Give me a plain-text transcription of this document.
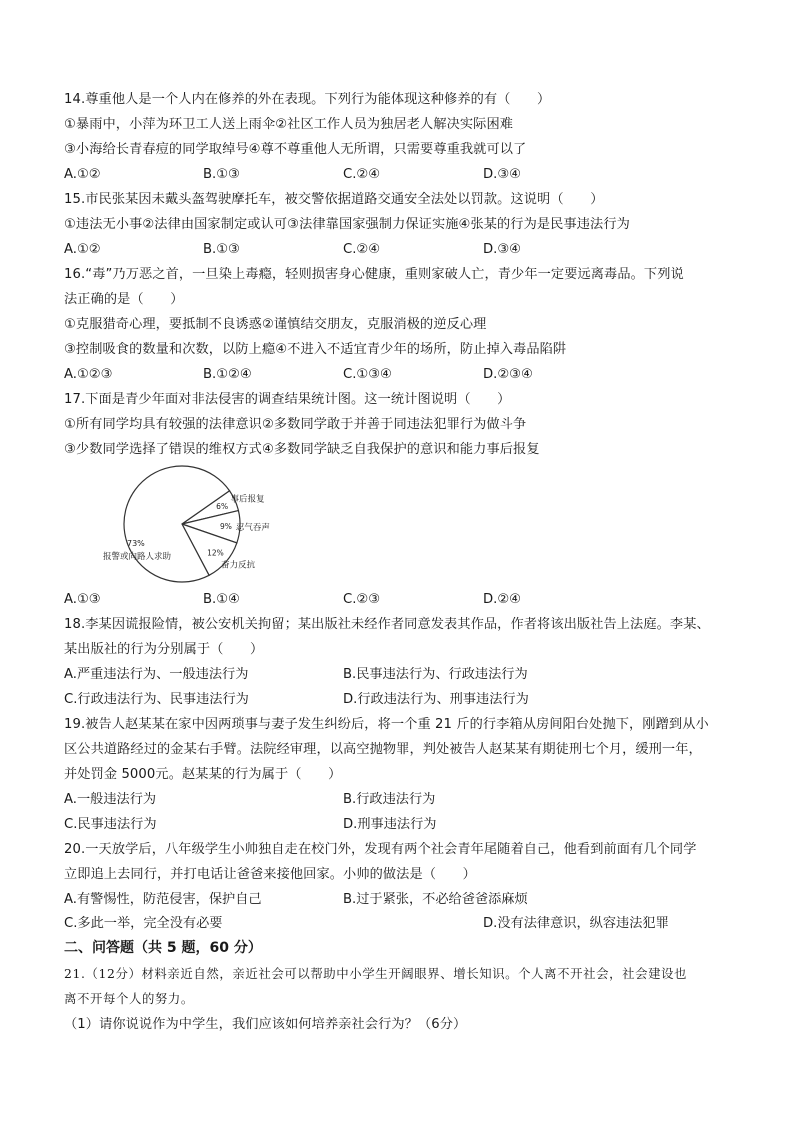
14.尊重他人是一个人内在修养的外在表现。下列行为能体现这种修养的有（　　）
①暴雨中，小萍为环卫工人送上雨伞②社区工作人员为独居老人解决实际困难
③小海给长青春痘的同学取绰号④尊不尊重他人无所谓，只需要尊重我就可以了
A.①②	B.①③	C.②④	D.③④
15.市民张某因未戴头盔驾驶摩托车，被交警依据道路交通安全法处以罚款。这说明（　　）
①违法无小事②法律由国家制定或认可③法律靠国家强制力保证实施④张某的行为是民事违法行为
A.①②	B.①③	C.②④	D.③④
16.“毒”乃万恶之首，一旦染上毒瘾，轻则损害身心健康，重则家破人亡，青少年一定要远离毒品。下列说
法正确的是（　　）
①克服猎奇心理，要抵制不良诱惑②谨慎结交朋友，克服消极的逆反心理
③控制吸食的数量和次数，以防上瘾④不进入不适宜青少年的场所，防止掉入毒品陷阱
A.①②③	B.①②④	C.①③④	D.②③④
17.下面是青少年面对非法侵害的调查结果统计图。这一统计图说明（　　）
①所有同学均具有较强的法律意识②多数同学敢于并善于同违法犯罪行为做斗争
③少数同学选择了错误的维权方式④多数同学缺乏自我保护的意识和能力事后报复
6%
事后报复
9% 忍气吞声
12%
奋力反抗
73%
报警或向路人求助
A.①③	B.①④	C.②③	D.②④
18.李某因谎报险情，被公安机关拘留；某出版社未经作者同意发表其作品，作者将该出版社告上法庭。李某、
某出版社的行为分别属于（　　）
A.严重违法行为、一般违法行为	B.民事违法行为、行政违法行为
C.行政违法行为、民事违法行为	D.行政违法行为、刑事违法行为
19.被告人赵某某在家中因两琐事与妻子发生纠纷后，将一个重 21 斤的行李箱从房间阳台处抛下，刚蹭到从小
区公共道路经过的金某右手臂。法院经审理，以高空抛物罪，判处被告人赵某某有期徒刑七个月，缓刑一年，
并处罚金 5000元。赵某某的行为属于（　　）
A.一般违法行为	B.行政违法行为
C.民事违法行为	D.刑事违法行为
20.一天放学后，八年级学生小帅独自走在校门外，发现有两个社会青年尾随着自己，他看到前面有几个同学
立即追上去同行，并打电话让爸爸来接他回家。小帅的做法是（　　）
A.有警惕性，防范侵害，保护自己	B.过于紧张，不必给爸爸添麻烦
C.多此一举，完全没有必要	D.没有法律意识，纵容违法犯罪
二、问答题（共 5 题，60 分）
21.（12分）材料亲近自然，亲近社会可以帮助中小学生开阔眼界、增长知识。个人离不开社会，社会建设也
离不开每个人的努力。
（1）请你说说作为中学生，我们应该如何培养亲社会行为？（6分）
